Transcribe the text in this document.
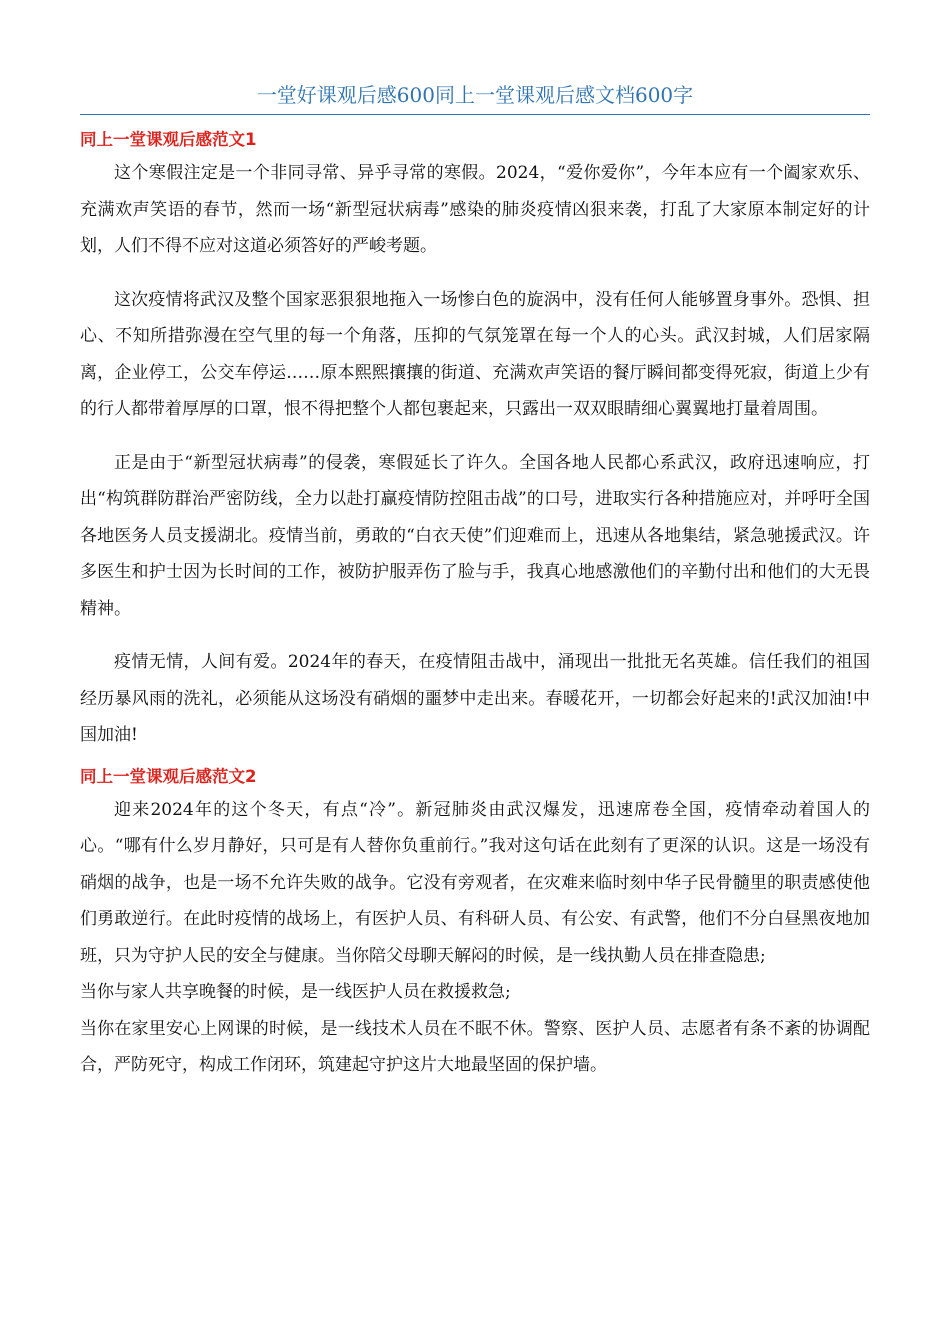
一堂好课观后感600同上一堂课观后感文档600字
同上一堂课观后感范文1

这个寒假注定是一个非同寻常、异乎寻常的寒假。2024，“爱你爱你”，今年本应有一个阖家欢乐、充满欢声笑语的春节，然而一场“新型冠状病毒”感染的肺炎疫情凶狠来袭，打乱了大家原本制定好的计划，人们不得不应对这道必须答好的严峻考题。

这次疫情将武汉及整个国家恶狠狠地拖入一场惨白色的旋涡中，没有任何人能够置身事外。恐惧、担心、不知所措弥漫在空气里的每一个角落，压抑的气氛笼罩在每一个人的心头。武汉封城，人们居家隔离，企业停工，公交车停运……原本熙熙攘攘的街道、充满欢声笑语的餐厅瞬间都变得死寂，街道上少有的行人都带着厚厚的口罩，恨不得把整个人都包裹起来，只露出一双双眼睛细心翼翼地打量着周围。

正是由于“新型冠状病毒”的侵袭，寒假延长了许久。全国各地人民都心系武汉，政府迅速响应，打出“构筑群防群治严密防线，全力以赴打赢疫情防控阻击战”的口号，进取实行各种措施应对，并呼吁全国各地医务人员支援湖北。疫情当前，勇敢的“白衣天使”们迎难而上，迅速从各地集结，紧急驰援武汉。许多医生和护士因为长时间的工作，被防护服弄伤了脸与手，我真心地感激他们的辛勤付出和他们的大无畏精神。

疫情无情，人间有爱。2024年的春天，在疫情阻击战中，涌现出一批批无名英雄。信任我们的祖国经历暴风雨的洗礼，必须能从这场没有硝烟的噩梦中走出来。春暖花开，一切都会好起来的!武汉加油!中国加油!

同上一堂课观后感范文2

迎来2024年的这个冬天，有点“冷”。新冠肺炎由武汉爆发，迅速席卷全国，疫情牵动着国人的心。“哪有什么岁月静好，只可是有人替你负重前行。”我对这句话在此刻有了更深的认识。这是一场没有硝烟的战争，也是一场不允许失败的战争。它没有旁观者，在灾难来临时刻中华子民骨髓里的职责感使他们勇敢逆行。在此时疫情的战场上，有医护人员、有科研人员、有公安、有武警，他们不分白昼黑夜地加班，只为守护人民的安全与健康。当你陪父母聊天解闷的时候，是一线执勤人员在排查隐患;

当你与家人共享晚餐的时候，是一线医护人员在救援救急;

当你在家里安心上网课的时候，是一线技术人员在不眠不休。警察、医护人员、志愿者有条不紊的协调配合，严防死守，构成工作闭环，筑建起守护这片大地最坚固的保护墙。
